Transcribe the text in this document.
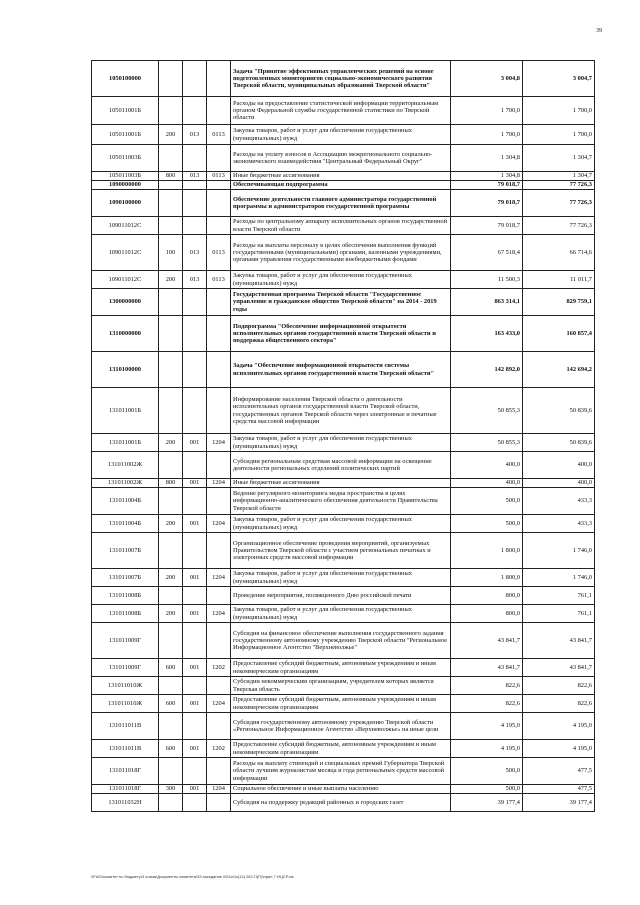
39
1050100000				Задача "Принятие эффективных управленческих решений на основе подготовленных мониторингов социально-экономического развития Тверской области, муниципальных образований Тверской области"	3 004,8	3 004,7
105011001Б				Расходы на предоставление статистической информации территориальным органом Федеральной службы государственной статистики по Тверской области	1 700,0	1 700,0
105011001Б	200	013	0113	Закупка товаров, работ и услуг для обеспечения государственных (муниципальных) нужд	1 700,0	1 700,0
105011003Б				Расходы на уплату взносов в Ассоциацию межрегионального социально-экономического взаимодействия "Центральный Федеральный Округ"	1 304,8	1 304,7
105011003Б	800	013	0113	Иные бюджетные ассигнования	1 304,8	1 304,7
1090000000				Обеспечивающая подпрограмма	79 018,7	77 726,3
1090100000				Обеспечение деятельности главного администратора государственной программы и администраторов государственной программы	79 018,7	77 726,3
109011012С				Расходы по центральному аппарату исполнительных органов государственной власти Тверской области	79 018,7	77 726,3
109011012С	100	013	0113	Расходы на выплаты персоналу в целях обеспечения выполнения функций государственными (муниципальными) органами, казенными учреждениями, органами управления государственными внебюджетными фондами	67 518,4	66 714,6
109011012С	200	013	0113	Закупка товаров, работ и услуг для обеспечения государственных (муниципальных) нужд	11 500,3	11 011,7
1300000000				Государственная программа Тверской области "Государственное управление и гражданское общество Тверской области" на 2014 - 2019 годы	863 314,1	829 759,1
1310000000				Подпрограмма "Обеспечение информационной открытости исполнительных органов государственной власти Тверской области и поддержка общественного сектора"	163 433,0	160 857,4
1310100000				Задача "Обеспечение информационной открытости системы исполнительных органов государственной власти Тверской области"	142 892,0	142 694,2
131011001Б				Информирование населения Тверской области о деятельности исполнительных органов государственной власти Тверской области, государственных органов Тверской области через электронные и печатные средства массовой информации	50 855,3	50 839,6
131011001Б	200	001	1204	Закупка товаров, работ и услуг для обеспечения государственных (муниципальных) нужд	50 855,3	50 839,6
131011002Ж				Субсидии региональным средствам массовой информации на освещение деятельности региональных отделений политических партий	400,0	400,0
131011002Ж	800	001	1204	Иные бюджетные ассигнования	400,0	400,0
131011004Б				Ведение регулярного мониторинга медиа пространства в целях информационно-аналитического обеспечения деятельности Правительства Тверской области	500,0	433,3
131011004Б	200	001	1204	Закупка товаров, работ и услуг для обеспечения государственных (муниципальных) нужд	500,0	433,3
131011007Б				Организационное обеспечение проведения мероприятий, организуемых Правительством Тверской области с участием региональных печатных и электронных средств массовой информации	1 800,0	1 746,0
131011007Б	200	001	1204	Закупка товаров, работ и услуг для обеспечения государственных (муниципальных) нужд	1 800,0	1 746,0
131011008Б				Проведение мероприятия, посвященного Дню российской печати	800,0	761,1
131011008Б	200	001	1204	Закупка товаров, работ и услуг для обеспечения государственных (муниципальных) нужд	800,0	761,1
131011009Г				Субсидия на финансовое обеспечение выполнения государственного задания государственному автономному учреждению Тверской области "Региональное Информационное Агентство "Верхневолжье"	43 841,7	43 841,7
131011009Г	600	001	1202	Предоставление субсидий бюджетным, автономным учреждениям и иным некоммерческим организациям	43 841,7	43 841,7
131011010Ж				Субсидии некоммерческим организациям, учредителем которых является Тверская область	822,6	822,6
131011010Ж	600	001	1204	Предоставление субсидий бюджетным, автономным учреждениям и иным некоммерческим организациям	822,6	822,6
131011011В				Субсидия государственному автономному учреждению Тверской области «Региональное Информационное Агентство «Верхневолжье» на иные цели	4 195,0	4 195,0
131011011В	600	001	1202	Предоставление субсидий бюджетным, автономным учреждениям и иным некоммерческим организациям	4 195,0	4 195,0
131011018Г				Расходы на выплату стипендий и специальных премий Губернатора Тверской области лучшим журналистам месяца и года региональных средств массовой информации	500,0	477,5
131011018Г	300	001	1204	Социальное обеспечение и иные выплаты населению	500,0	477,5
131011032Н				Субсидия на поддержку редакций районных и городских газет	39 177,4	39 177,4
\\Fs01\комитет по бюджету\4 созыв\Документы комитета\33 заседание 09\1к\1к(13) 282-П(П)\прил 7 ИЦСР.xls
